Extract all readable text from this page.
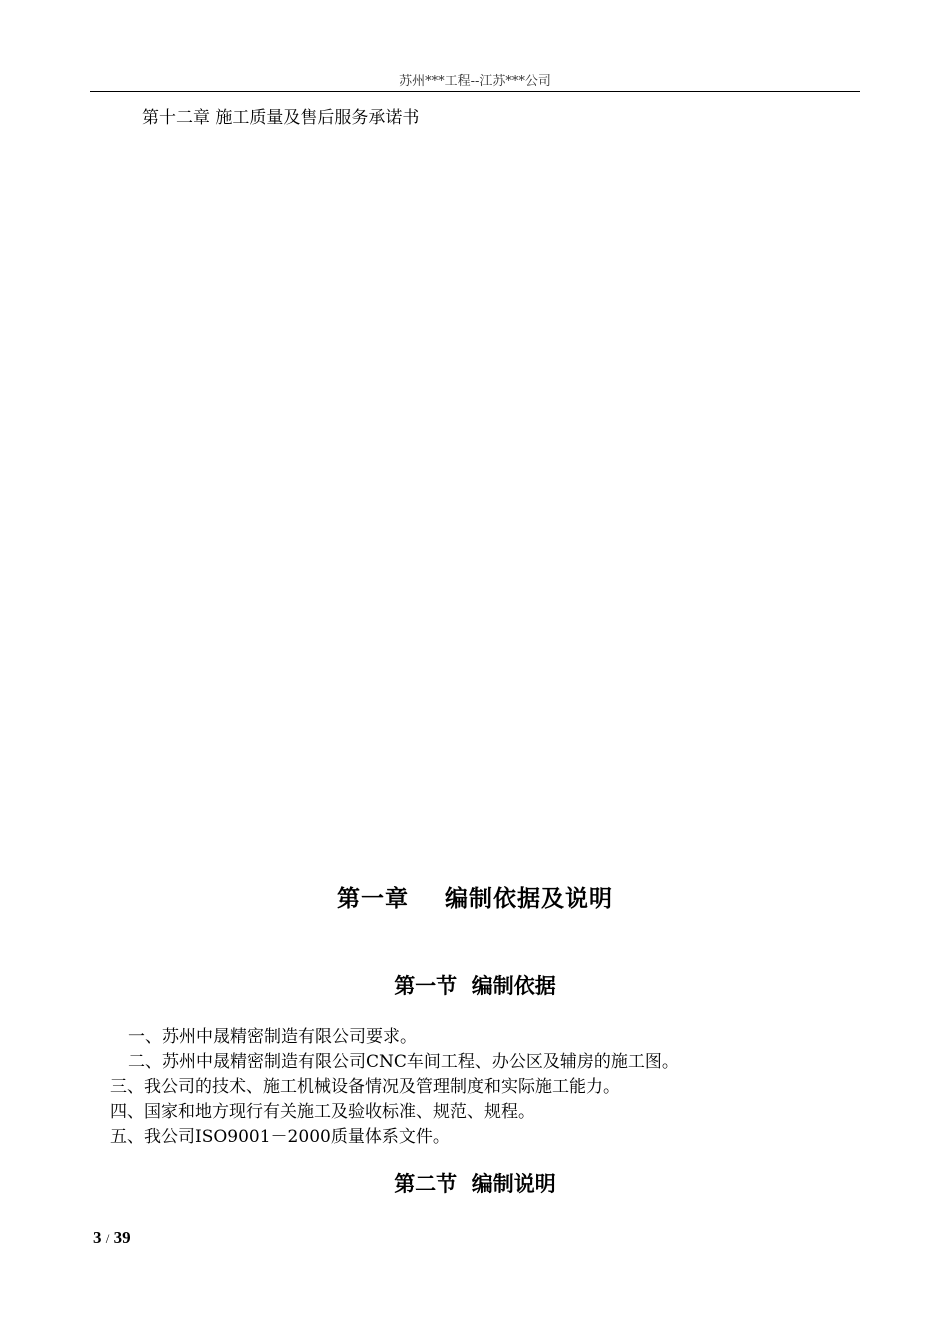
苏州***工程--江苏***公司
第十二章 施工质量及售后服务承诺书
第一章    编制依据及说明
第一节  编制依据
一、苏州中晟精密制造有限公司要求。
二、苏州中晟精密制造有限公司CNC车间工程、办公区及辅房的施工图。
三、我公司的技术、施工机械设备情况及管理制度和实际施工能力。
四、国家和地方现行有关施工及验收标准、规范、规程。
五、我公司ISO9001－2000质量体系文件。
第二节  编制说明
3 / 39
